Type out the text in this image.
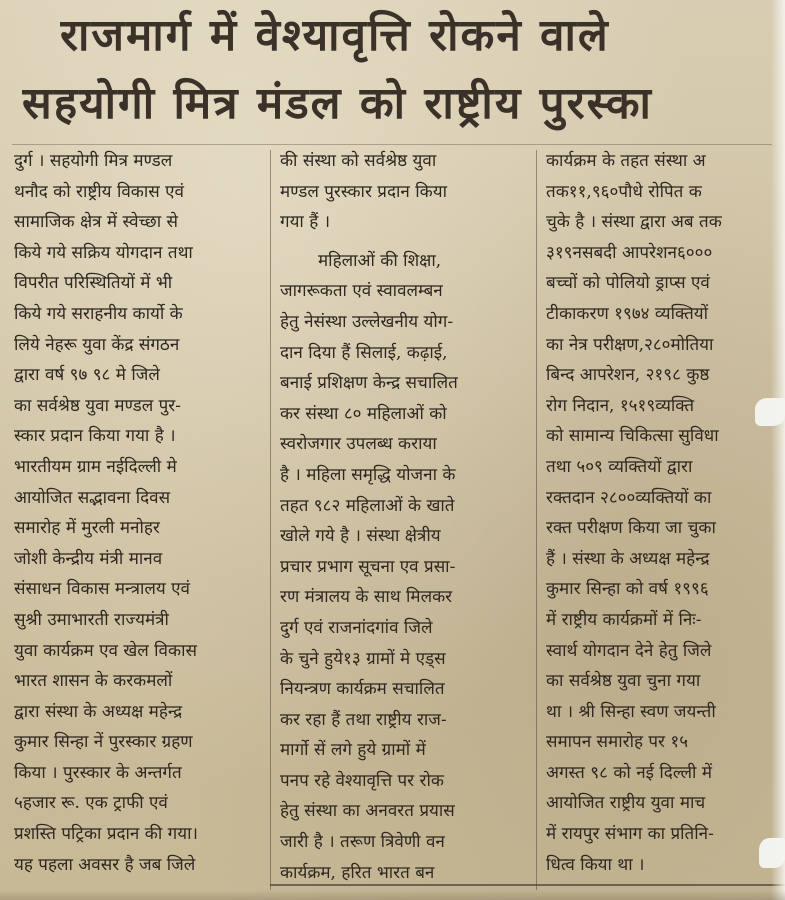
राजमार्ग में वेश्यावृत्ति रोकने वाले
सहयोगी मित्र मंडल को राष्ट्रीय पुरस्का
दुर्ग । सहयोगी मित्र मण्डल
थनौद को राष्ट्रीय विकास एवं
सामाजिक क्षेत्र में स्वेच्छा से
किये गये सक्रिय योगदान तथा
विपरीत परिस्थितियों में भी
किये गये सराहनीय कार्यो के
लिये नेहरू युवा केंद्र संगठन
द्वारा वर्ष ९७ ९८ मे जिले
का सर्वश्रेष्ठ युवा मण्डल पुर-
स्कार प्रदान किया गया है ।
भारतीयम ग्राम नईदिल्ली मे
आयोजित सद्भावना दिवस
समारोह में मुरली मनोहर
जोशी केन्द्रीय मंत्री मानव
संसाधन विकास मन्त्रालय एवं
सुश्री उमाभारती राज्यमंत्री
युवा कार्यक्रम एव खेल विकास
भारत शासन के करकमलों
द्वारा संस्था के अध्यक्ष महेन्द्र
कुमार सिन्हा नें पुरस्कार ग्रहण
किया । पुरस्कार के अन्तर्गत
५हजार रू. एक ट्राफी एवं
प्रशस्ति पट्रिका प्रदान की गया।
यह पहला अवसर है जब जिले
की संस्था को सर्वश्रेष्ठ युवा
मण्डल पुरस्कार प्रदान किया
गया हैं ।
महिलाओं की शिक्षा,
जागरूकता एवं स्वावलम्बन
हेतु नेसंस्था उल्लेखनीय योग-
दान दिया हैं सिलाई, कढ़ाई,
बनाई प्रशिक्षण केन्द्र सचालित
कर संस्था ८० महिलाओं को
स्वरोजगार उपलब्ध कराया
है । महिला समृद्धि योजना के
तहत ९८२ महिलाओं के खाते
खोले गये है । संस्था क्षेत्रीय
प्रचार प्रभाग सूचना एव प्रसा-
रण मंत्रालय के साथ मिलकर
दुर्ग एवं राजनांदगांव जिले
के चुने हुये१३ ग्रामों मे एड्स
नियन्त्रण कार्यक्रम सचालित
कर रहा हैं तथा राष्ट्रीय राज-
मार्गो सें लगे हुये ग्रामों में
पनप रहे वेश्यावृत्ति पर रोक
हेतु संस्था का अनवरत प्रयास
जारी है । तरूण त्रिवेणी वन
कार्यक्रम, हरित भारत बन
कार्यक्रम के तहत संस्था अ
तक११,९६०पौधे रोपित क
चुके है । संस्था द्वारा अब तक
३१९नसबदी आपरेशन६०००
बच्चों को पोलियो ड्राप्स एवं
टीकाकरण १९७४ व्यक्तियों
का नेत्र परीक्षण,२८०मोतिया
बिन्द आपरेशन, २१९८ कुष्ठ
रोग निदान, १५१९व्यक्ति
को सामान्य चिकित्सा सुविधा
तथा ५०९ व्यक्तियों द्वारा
रक्तदान २८००व्यक्तियों का
रक्त परीक्षण किया जा चुका
हैं । संस्था के अध्यक्ष महेन्द्र
कुमार सिन्हा को वर्ष १९९६
में राष्ट्रीय कार्यक्रमों में निः-
स्वार्थ योगदान देने हेतु जिले
का सर्वश्रेष्ठ युवा चुना गया
था । श्री सिन्हा स्वण जयन्ती
समापन समारोह पर १५
अगस्त ९८ को नई दिल्ली में
आयोजित राष्ट्रीय युवा माच
में रायपुर संभाग का प्रतिनि-
धित्व किया था ।
